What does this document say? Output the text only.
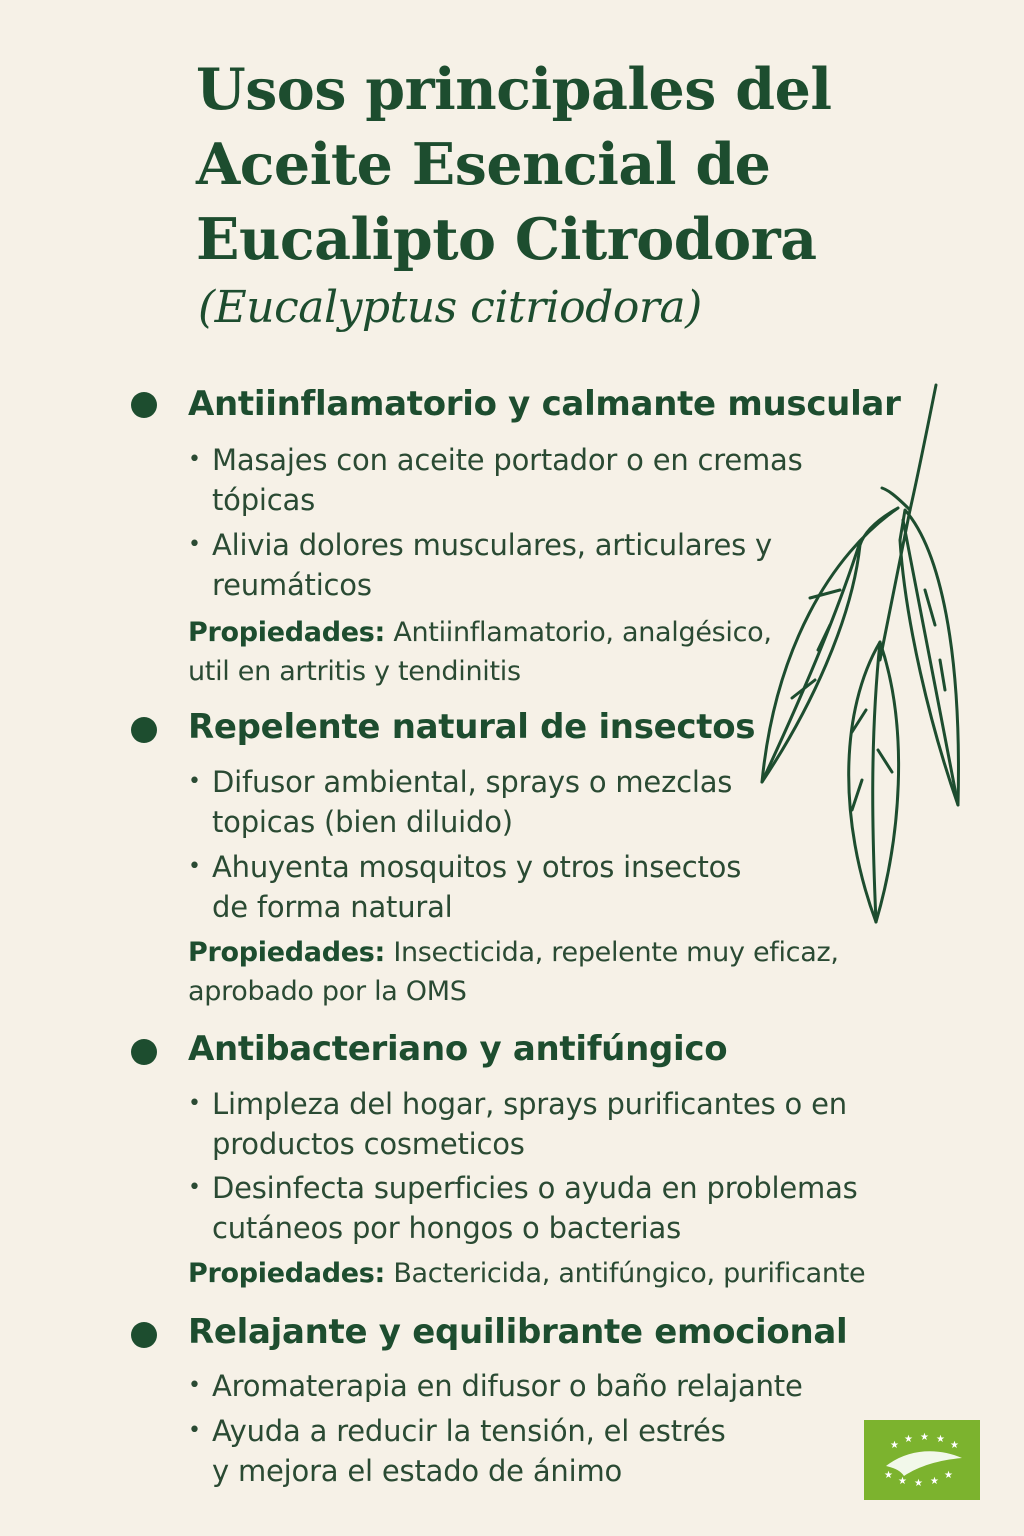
Usos principales del
Aceite Esencial de
Eucalipto Citrodora
(Eucalyptus citriodora)
Antiinflamatorio y calmante muscular
• Masajes con aceite portador o en cremas tópicas
• Alivia dolores musculares, articulares y reumáticos
Propiedades: Antiinflamatorio, analgésico, util en artritis y tendinitis
Repelente natural de insectos
• Difusor ambiental, sprays o mezclas topicas (bien diluido)
• Ahuyenta mosquitos y otros insectos de forma natural
Propiedades: Insecticida, repelente muy eficaz, aprobado por la OMS
Antibacteriano y antifúngico
• Limpleza del hogar, sprays purificantes o en productos cosmeticos
• Desinfecta superficies o ayuda en problemas cutáneos por hongos o bacterias
Propiedades: Bactericida, antifúngico, purificante
Relajante y equilibrante emocional
• Aromaterapia en difusor o baño relajante
• Ayuda a reducir la tensión, el estrés y mejora el estado de ánimo
★
★ ★ ★
★
★
★ ★ ★
★
